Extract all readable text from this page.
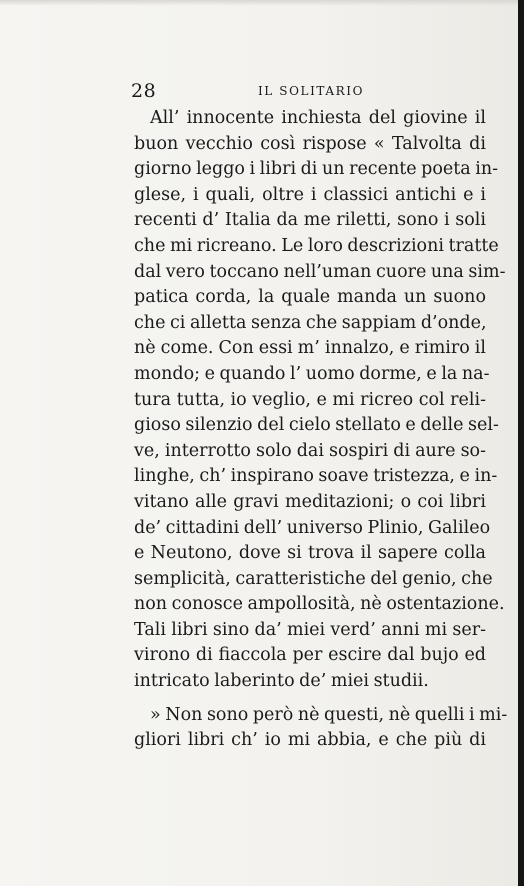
28	IL SOLITARIO
All’ innocente inchiesta del giovine il
buon vecchio così rispose « Talvolta di
giorno leggo i libri di un recente poeta in-
glese, i quali, oltre i classici antichi e i
recenti d’ Italia da me riletti, sono i soli
che mi ricreano. Le loro descrizioni tratte
dal vero toccano nell’uman cuore una sim-
patica corda, la quale manda un suono
che ci alletta senza che sappiam d’onde,
nè come. Con essi m’ innalzo, e rimiro il
mondo; e quando l’ uomo dorme, e la na-
tura tutta, io veglio, e mi ricreo col reli-
gioso silenzio del cielo stellato e delle sel-
ve, interrotto solo dai sospiri di aure so-
linghe, ch’ inspirano soave tristezza, e in-
vitano alle gravi meditazioni; o coi libri
de’ cittadini dell’ universo Plinio, Galileo
e Neutono, dove si trova il sapere colla
semplicità, caratteristiche del genio, che
non conosce ampollosità, nè ostentazione.
Tali libri sino da’ miei verd’ anni mi ser-
virono di fiaccola per escire dal bujo ed
intricato laberinto de’ miei studii.
» Non sono però nè questi, nè quelli i mi-
gliori libri ch’ io mi abbia, e che più di
